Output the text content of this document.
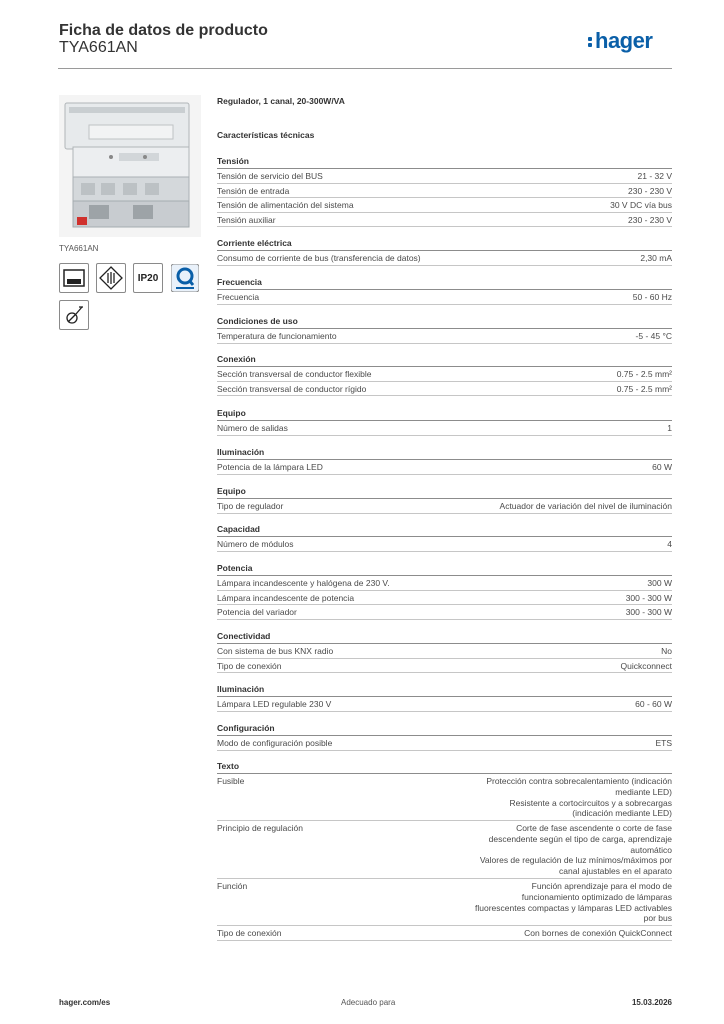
Ficha de datos de producto
TYA661AN	hager
TYA661AN
IP20
Regulador, 1 canal, 20-300W/VA
Características técnicas
Tensión
Tensión de servicio del BUS	21 - 32 V
Tensión de entrada	230 - 230 V
Tensión de alimentación del sistema	30 V DC vía bus
Tensión auxiliar	230 - 230 V
Corriente eléctrica
Consumo de corriente de bus (transferencia de datos)	2,30 mA
Frecuencia
Frecuencia	50 - 60 Hz
Condiciones de uso
Temperatura de funcionamiento	-5 - 45 °C
Conexión
Sección transversal de conductor flexible	0.75 - 2.5 mm²
Sección transversal de conductor rígido	0.75 - 2.5 mm²
Equipo
Número de salidas	1
Iluminación
Potencia de la lámpara LED	60 W
Equipo
Tipo de regulador	Actuador de variación del nivel de iluminación
Capacidad
Número de módulos	4
Potencia
Lámpara incandescente y halógena de 230 V.	300 W
Lámpara incandescente de potencia	300 - 300 W
Potencia del variador	300 - 300 W
Conectividad
Con sistema de bus KNX radio	No
Tipo de conexión	Quickconnect
Iluminación
Lámpara LED regulable 230 V	60 - 60 W
Configuración
Modo de configuración posible	ETS
Texto
Fusible	Protección contra sobrecalentamiento (indicación
mediante LED)
Resistente a cortocircuitos y a sobrecargas
(indicación mediante LED)
Principio de regulación	Corte de fase ascendente o corte de fase
descendente según el tipo de carga, aprendizaje
automático
Valores de regulación de luz mínimos/máximos por
canal ajustables en el aparato
Función	Función aprendizaje para el modo de
funcionamiento optimizado de lámparas
fluorescentes compactas y lámparas LED activables
por bus
Tipo de conexión	Con bornes de conexión QuickConnect
hager.com/es	Adecuado para	15.03.2026
